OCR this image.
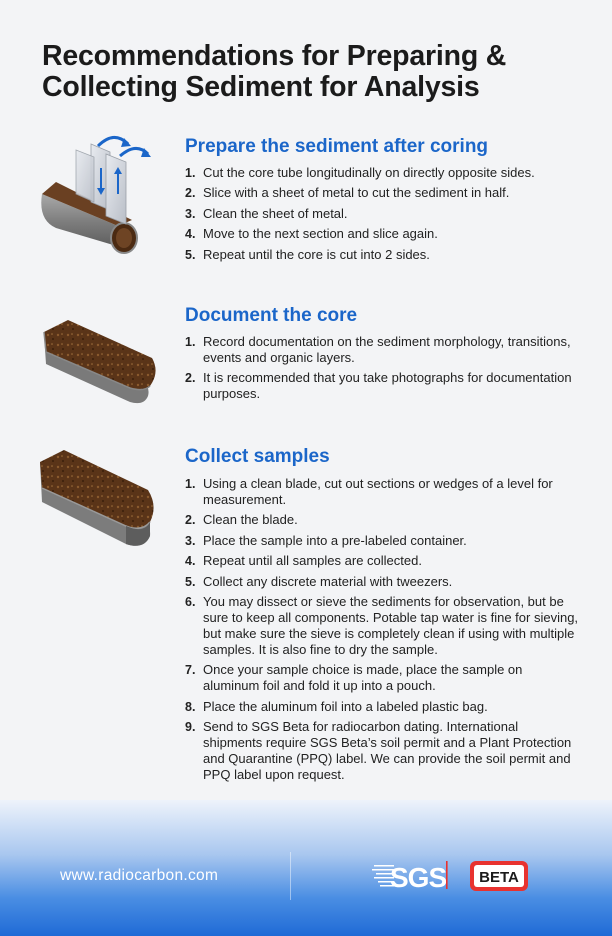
Recommendations for Preparing & Collecting Sediment for Analysis
Prepare the sediment after coring
1. Cut the core tube longitudinally on directly opposite sides.
2. Slice with a sheet of metal to cut the sediment in half.
3. Clean the sheet of metal.
4. Move to the next section and slice again.
5. Repeat until the core is cut into 2 sides.
Document the core
1. Record documentation on the sediment morphology, transitions, events and organic layers.
2. It is recommended that you take photographs for documentation purposes.
Collect samples
1. Using a clean blade, cut out sections or wedges of a level for measurement.
2. Clean the blade.
3. Place the sample into a pre-labeled container.
4. Repeat until all samples are collected.
5. Collect any discrete material with tweezers.
6. You may dissect or sieve the sediments for observation, but be sure to keep all components. Potable tap water is fine for sieving, but make sure the sieve is completely clean if using with multiple samples. It is also fine to dry the sample.
7. Once your sample choice is made, place the sample on aluminum foil and fold it up into a pouch.
8. Place the aluminum foil into a labeled plastic bag.
9. Send to SGS Beta for radiocarbon dating. International shipments require SGS Beta’s soil permit and a Plant Protection and Quarantine (PPQ) label. We can provide the soil permit and PPQ label upon request.
www.radiocarbon.com	SGS BETA
